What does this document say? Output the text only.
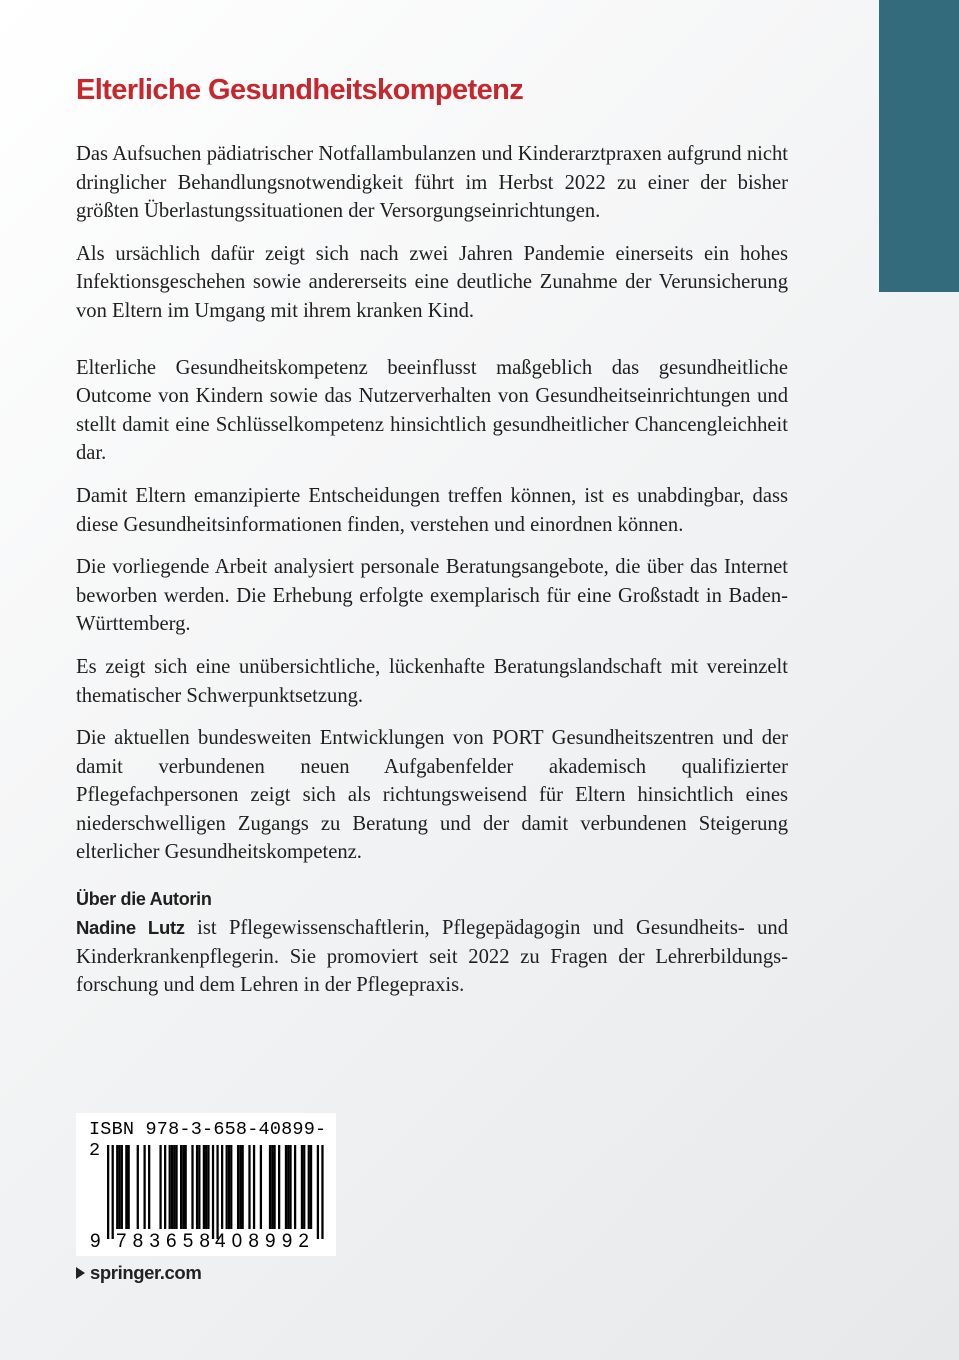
Elterliche Gesundheitskompetenz

Das Aufsuchen pädiatrischer Notfallambulanzen und Kinderarztpraxen aufgrund nicht dringlicher Behandlungsnotwendigkeit führt im Herbst 2022 zu einer der bisher größten Überlastungssituationen der Versorgungseinrichtungen.

Als ursächlich dafür zeigt sich nach zwei Jahren Pandemie einerseits ein hohes Infektionsgeschehen sowie andererseits eine deutliche Zunahme der Verunsicherung von Eltern im Umgang mit ihrem kranken Kind.

Elterliche Gesundheitskompetenz beeinflusst maßgeblich das gesundheitliche Outcome von Kindern sowie das Nutzerverhalten von Gesundheitseinrichtungen und stellt damit eine Schlüsselkompetenz hinsichtlich gesundheitlicher Chancengleichheit dar.

Damit Eltern emanzipierte Entscheidungen treffen können, ist es unabdingbar, dass diese Gesundheitsinformationen finden, verstehen und einordnen können.

Die vorliegende Arbeit analysiert personale Beratungsangebote, die über das Internet beworben werden. Die Erhebung erfolgte exemplarisch für eine Großstadt in Baden-Württemberg.

Es zeigt sich eine unübersichtliche, lückenhafte Beratungslandschaft mit vereinzelt thematischer Schwerpunktsetzung.

Die aktuellen bundesweiten Entwicklungen von PORT Gesundheitszentren und der damit verbundenen neuen Aufgabenfelder akademisch qualifizierter Pflegefachpersonen zeigt sich als richtungsweisend für Eltern hinsichtlich eines niederschwelligen Zugangs zu Beratung und der damit verbundenen Steigerung elterlicher Gesundheitskompetenz.

Über die Autorin
Nadine Lutz ist Pflegewissenschaftlerin, Pflegepädagogin und Gesundheits- und Kinderkrankenpflegerin. Sie promoviert seit 2022 zu Fragen der Lehrerbildungsforschung und dem Lehren in der Pflegepraxis.
ISBN 978-3-658-40899-2
9 783658 408992
springer.com
